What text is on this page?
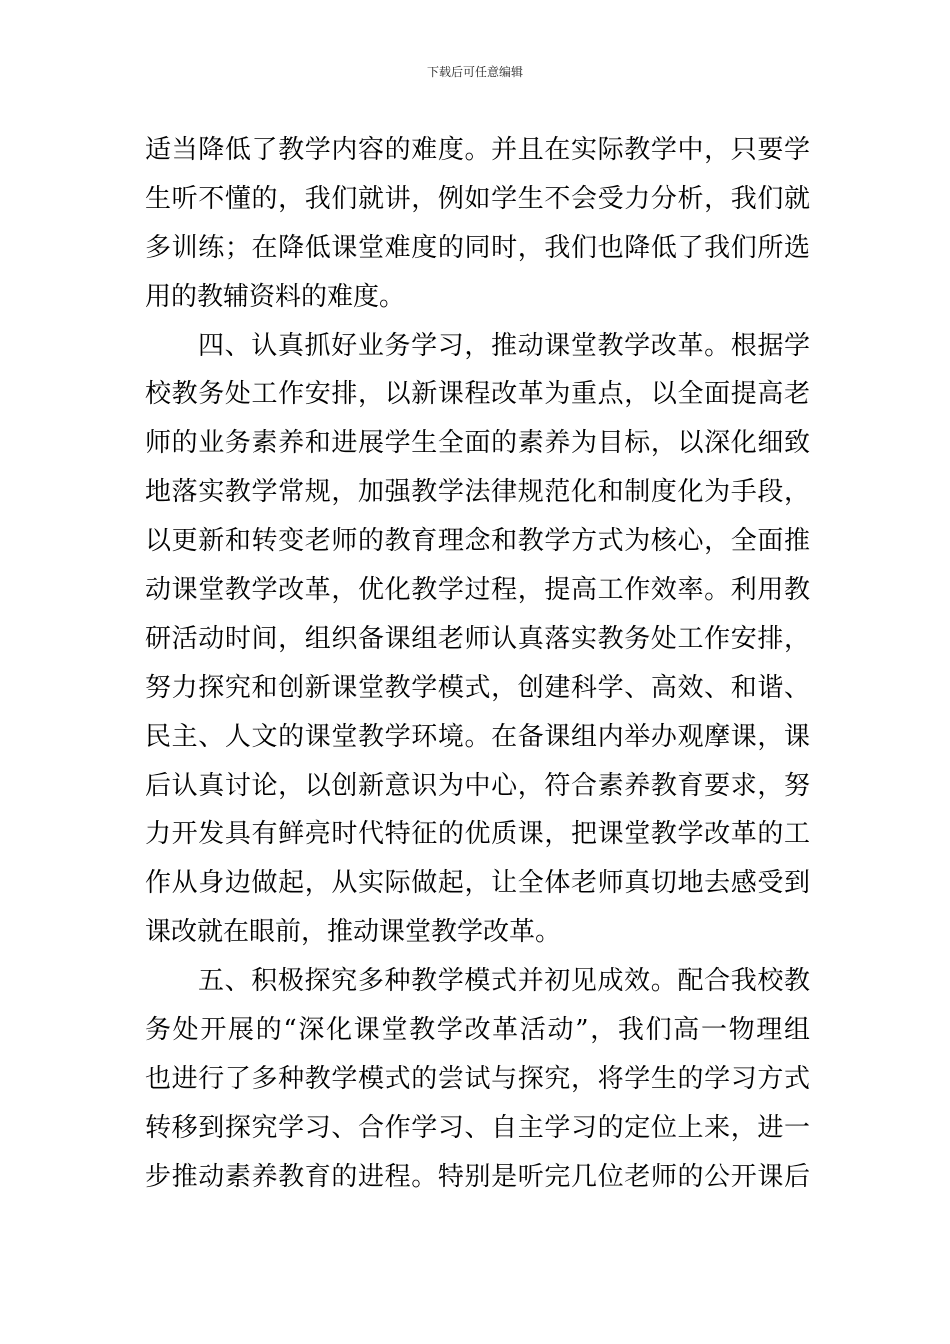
下载后可任意编辑
适当降低了教学内容的难度。并且在实际教学中，只要学
生听不懂的，我们就讲，例如学生不会受力分析，我们就
多训练；在降低课堂难度的同时，我们也降低了我们所选
用的教辅资料的难度。
四、认真抓好业务学习，推动课堂教学改革。根据学
校教务处工作安排，以新课程改革为重点，以全面提高老
师的业务素养和进展学生全面的素养为目标，以深化细致
地落实教学常规，加强教学法律规范化和制度化为手段，
以更新和转变老师的教育理念和教学方式为核心，全面推
动课堂教学改革，优化教学过程，提高工作效率。利用教
研活动时间，组织备课组老师认真落实教务处工作安排，
努力探究和创新课堂教学模式，创建科学、高效、和谐、
民主、人文的课堂教学环境。在备课组内举办观摩课，课
后认真讨论，以创新意识为中心，符合素养教育要求，努
力开发具有鲜亮时代特征的优质课，把课堂教学改革的工
作从身边做起，从实际做起，让全体老师真切地去感受到
课改就在眼前，推动课堂教学改革。
五、积极探究多种教学模式并初见成效。配合我校教
务处开展的“深化课堂教学改革活动”，我们高一物理组
也进行了多种教学模式的尝试与探究，将学生的学习方式
转移到探究学习、合作学习、自主学习的定位上来，进一
步推动素养教育的进程。特别是听完几位老师的公开课后
